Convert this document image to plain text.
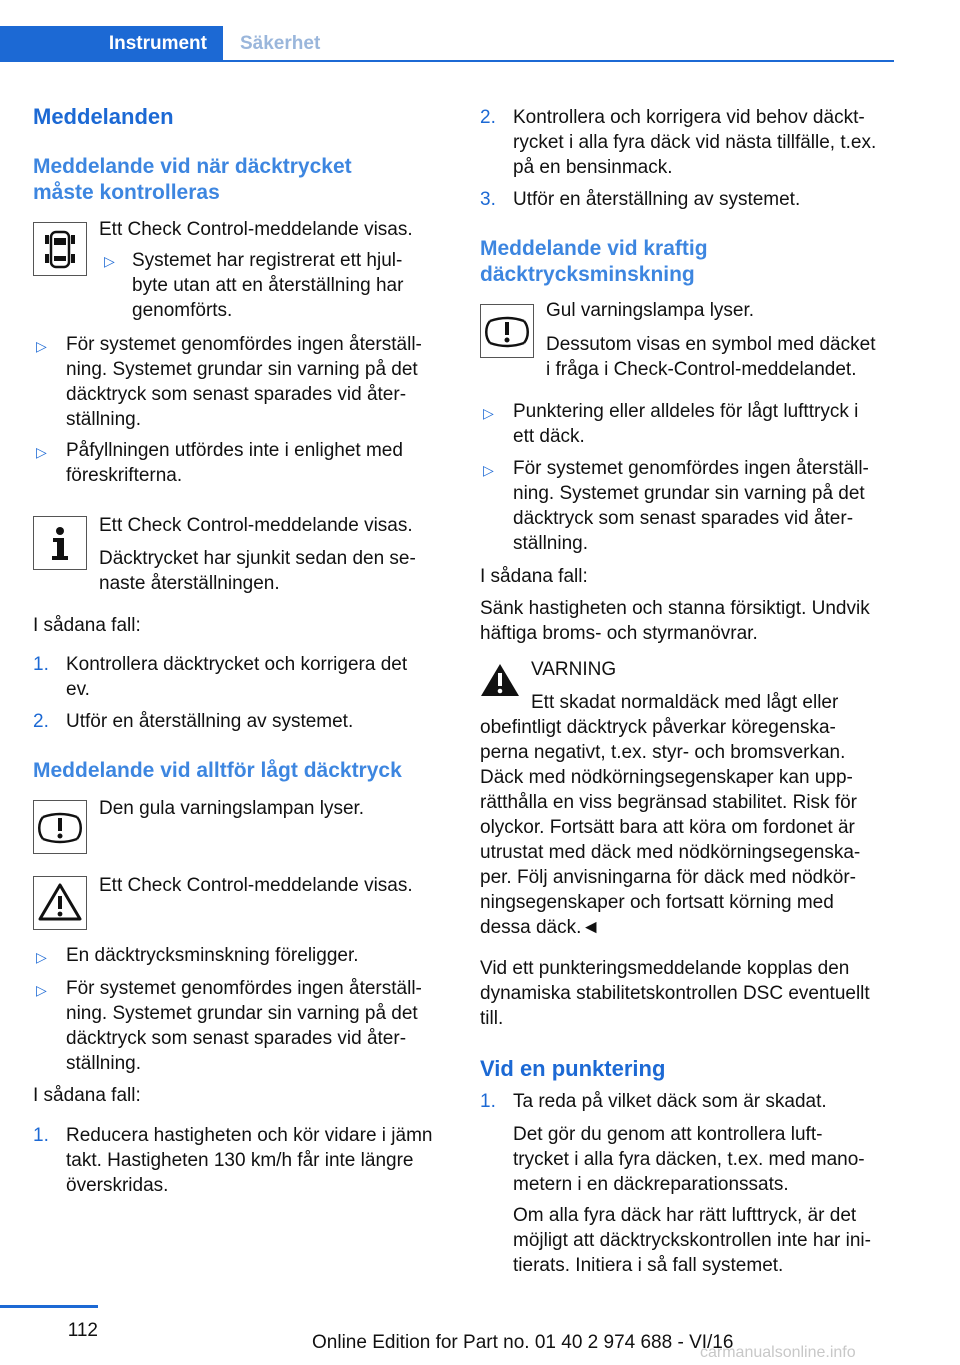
Instrument	Säkerhet
Meddelanden
Meddelande vid när däcktrycket
måste kontrolleras
Ett Check Control-meddelande visas.
▷ Systemet har registrerat ett hjul-
byte utan att en återställning har
genomförts.
▷ För systemet genomfördes ingen återställ-
ning. Systemet grundar sin varning på det
däcktryck som senast sparades vid åter-
ställning.
▷ Påfyllningen utfördes inte i enlighet med
föreskrifterna.
Ett Check Control-meddelande visas.
Däcktrycket har sjunkit sedan den se-
naste återställningen.
I sådana fall:
1. Kontrollera däcktrycket och korrigera det
ev.
2. Utför en återställning av systemet.
Meddelande vid alltför lågt däcktryck
Den gula varningslampan lyser.
Ett Check Control-meddelande visas.
▷ En däcktrycksminskning föreligger.
▷ För systemet genomfördes ingen återställ-
ning. Systemet grundar sin varning på det
däcktryck som senast sparades vid åter-
ställning.
I sådana fall:
1. Reducera hastigheten och kör vidare i jämn
takt. Hastigheten 130 km/h får inte längre
överskridas.
2. Kontrollera och korrigera vid behov däckt-
rycket i alla fyra däck vid nästa tillfälle, t.ex.
på en bensinmack.
3. Utför en återställning av systemet.
Meddelande vid kraftig
däcktrycksminskning
Gul varningslampa lyser.
Dessutom visas en symbol med däcket
i fråga i Check-Control-meddelandet.
▷ Punktering eller alldeles för lågt lufttryck i
ett däck.
▷ För systemet genomfördes ingen återställ-
ning. Systemet grundar sin varning på det
däcktryck som senast sparades vid åter-
ställning.
I sådana fall:
Sänk hastigheten och stanna försiktigt. Undvik
häftiga broms- och styrmanövrar.
VARNING
Ett skadat normaldäck med lågt eller
obefintligt däcktryck påverkar köregenska-
perna negativt, t.ex. styr- och bromsverkan.
Däck med nödkörningsegenskaper kan upp-
rätthålla en viss begränsad stabilitet. Risk för
olyckor. Fortsätt bara att köra om fordonet är
utrustat med däck med nödkörningsegenska-
per. Följ anvisningarna för däck med nödkör-
ningsegenskaper och fortsatt körning med
dessa däck.◄
Vid ett punkteringsmeddelande kopplas den
dynamiska stabilitetskontrollen DSC eventuellt
till.
Vid en punktering
1. Ta reda på vilket däck som är skadat.
Det gör du genom att kontrollera luft-
trycket i alla fyra däcken, t.ex. med mano-
metern i en däckreparationssats.
Om alla fyra däck har rätt lufttryck, är det
möjligt att däcktryckskontrollen inte har ini-
tierats. Initiera i så fall systemet.
112
Online Edition for Part no. 01 40 2 974 688 - VI/16
carmanualsonline.info
